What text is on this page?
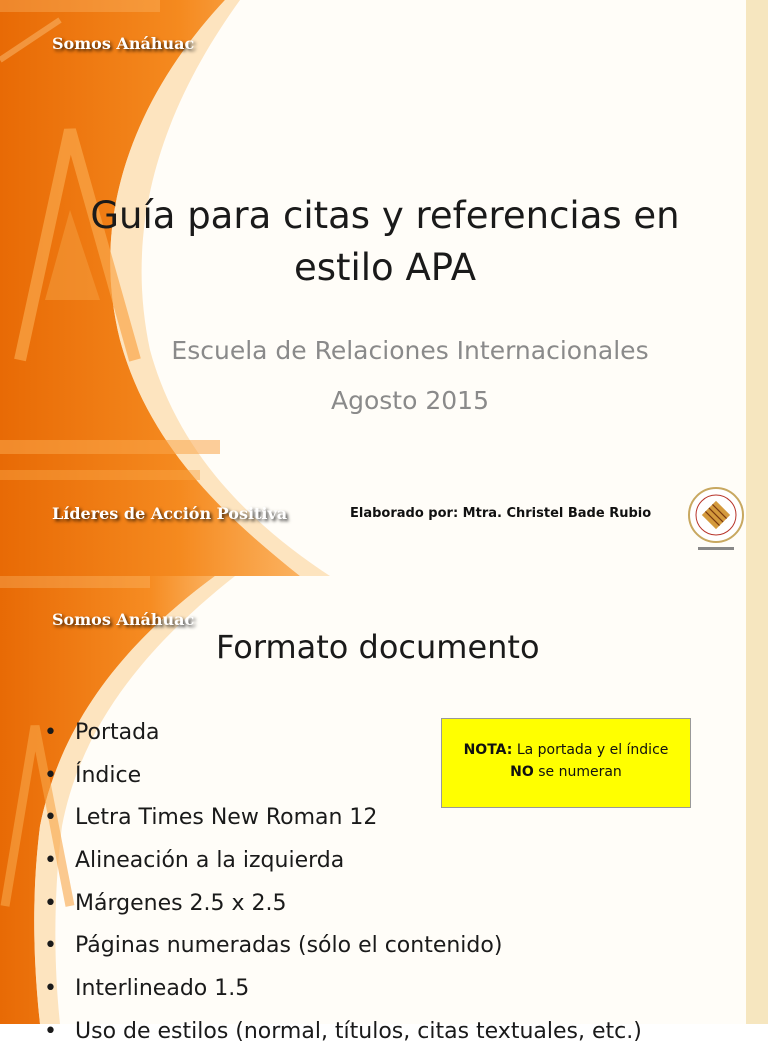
Somos Anáhuac
Guía para citas y referencias en
estilo APA
Escuela de Relaciones Internacionales
Agosto 2015
Líderes de Acción Positiva	Elaborado por: Mtra. Christel Bade Rubio
Somos Anáhuac
Formato documento
• Portada
• Índice
• Letra Times New Roman 12
• Alineación a la izquierda
• Márgenes 2.5 x 2.5
• Páginas numeradas (sólo el contenido)
• Interlineado 1.5
• Uso de estilos (normal, títulos, citas textuales, etc.)
NOTA: La portada y el índice
NO se numeran
